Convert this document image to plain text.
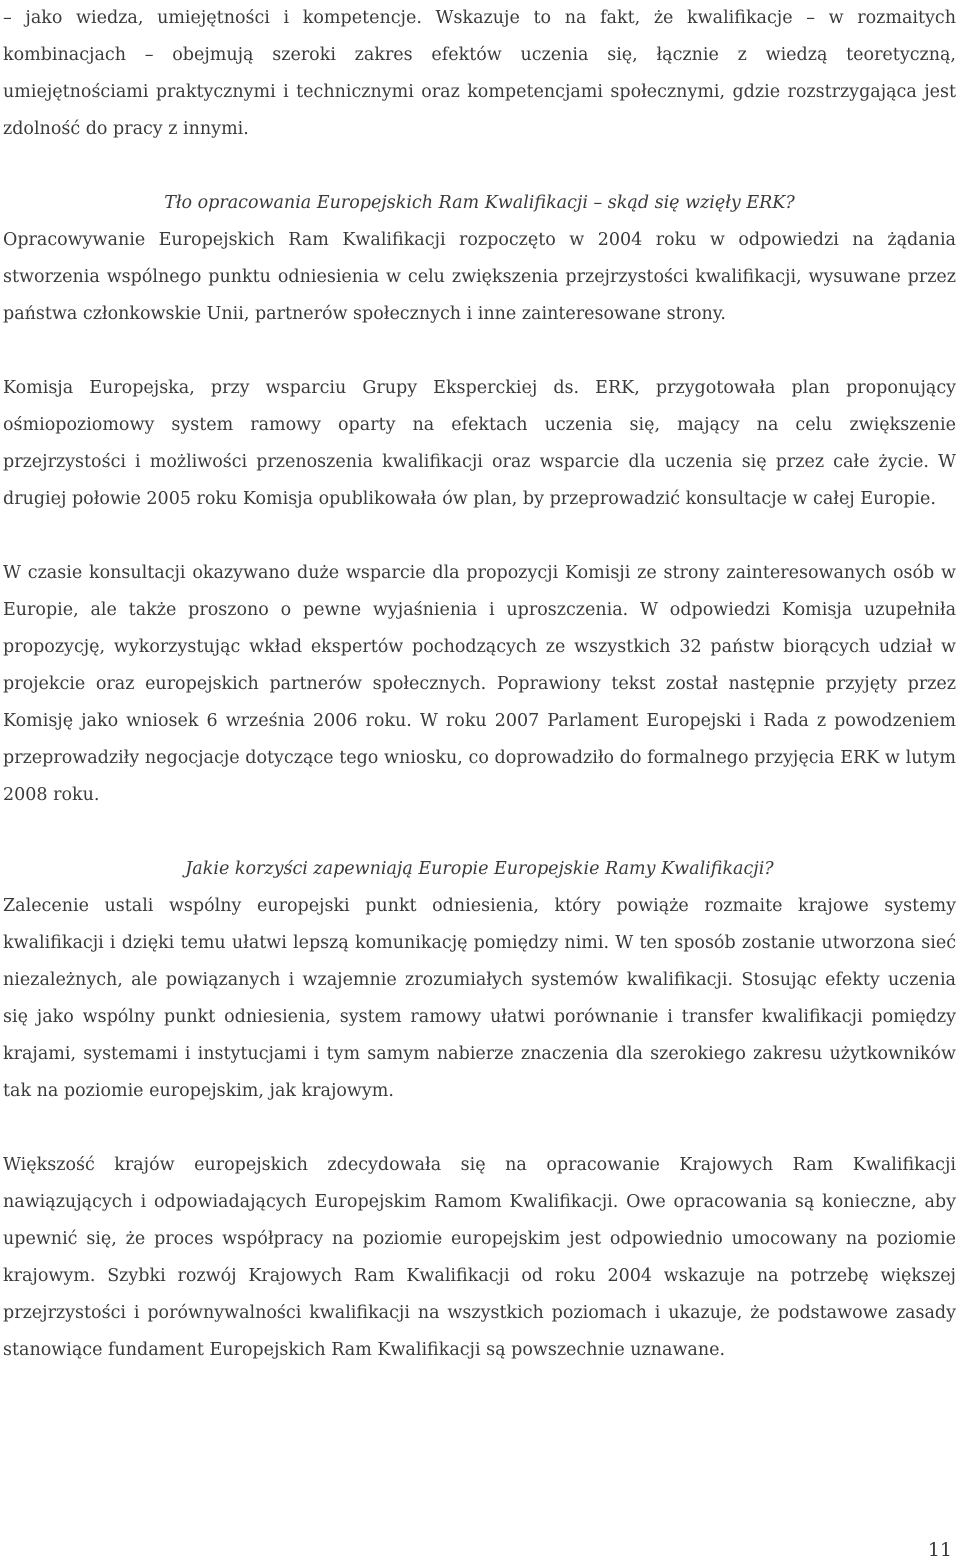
– jako wiedza, umiejętności i kompetencje. Wskazuje to na fakt, że kwalifikacje – w rozmaitych kombinacjach – obejmują szeroki zakres efektów uczenia się, łącznie z wiedzą teoretyczną, umiejętnościami praktycznymi i technicznymi oraz kompetencjami społecznymi, gdzie rozstrzygająca jest zdolność do pracy z innymi.

Tło opracowania Europejskich Ram Kwalifikacji – skąd się wzięły ERK?

Opracowywanie Europejskich Ram Kwalifikacji rozpoczęto w 2004 roku w odpowiedzi na żądania stworzenia wspólnego punktu odniesienia w celu zwiększenia przejrzystości kwalifikacji, wysuwane przez państwa członkowskie Unii, partnerów społecznych i inne zainteresowane strony.

Komisja Europejska, przy wsparciu Grupy Eksperckiej ds. ERK, przygotowała plan proponujący ośmiopoziomowy system ramowy oparty na efektach uczenia się, mający na celu zwiększenie przejrzystości i możliwości przenoszenia kwalifikacji oraz wsparcie dla uczenia się przez całe życie. W drugiej połowie 2005 roku Komisja opublikowała ów plan, by przeprowadzić konsultacje w całej Europie.

W czasie konsultacji okazywano duże wsparcie dla propozycji Komisji ze strony zainteresowanych osób w Europie, ale także proszono o pewne wyjaśnienia i uproszczenia. W odpowiedzi Komisja uzupełniła propozycję, wykorzystując wkład ekspertów pochodzących ze wszystkich 32 państw biorących udział w projekcie oraz europejskich partnerów społecznych. Poprawiony tekst został następnie przyjęty przez Komisję jako wniosek 6 września 2006 roku. W roku 2007 Parlament Europejski i Rada z powodzeniem przeprowadziły negocjacje dotyczące tego wniosku, co doprowadziło do formalnego przyjęcia ERK w lutym 2008 roku.

Jakie korzyści zapewniają Europie Europejskie Ramy Kwalifikacji?

Zalecenie ustali wspólny europejski punkt odniesienia, który powiąże rozmaite krajowe systemy kwalifikacji i dzięki temu ułatwi lepszą komunikację pomiędzy nimi. W ten sposób zostanie utworzona sieć niezależnych, ale powiązanych i wzajemnie zrozumiałych systemów kwalifikacji. Stosując efekty uczenia się jako wspólny punkt odniesienia, system ramowy ułatwi porównanie i transfer kwalifikacji pomiędzy krajami, systemami i instytucjami i tym samym nabierze znaczenia dla szerokiego zakresu użytkowników tak na poziomie europejskim, jak krajowym.

Większość krajów europejskich zdecydowała się na opracowanie Krajowych Ram Kwalifikacji nawiązujących i odpowiadających Europejskim Ramom Kwalifikacji. Owe opracowania są konieczne, aby upewnić się, że proces współpracy na poziomie europejskim jest odpowiednio umocowany na poziomie krajowym. Szybki rozwój Krajowych Ram Kwalifikacji od roku 2004 wskazuje na potrzebę większej przejrzystości i porównywalności kwalifikacji na wszystkich poziomach i ukazuje, że podstawowe zasady stanowiące fundament Europejskich Ram Kwalifikacji są powszechnie uznawane.

11
